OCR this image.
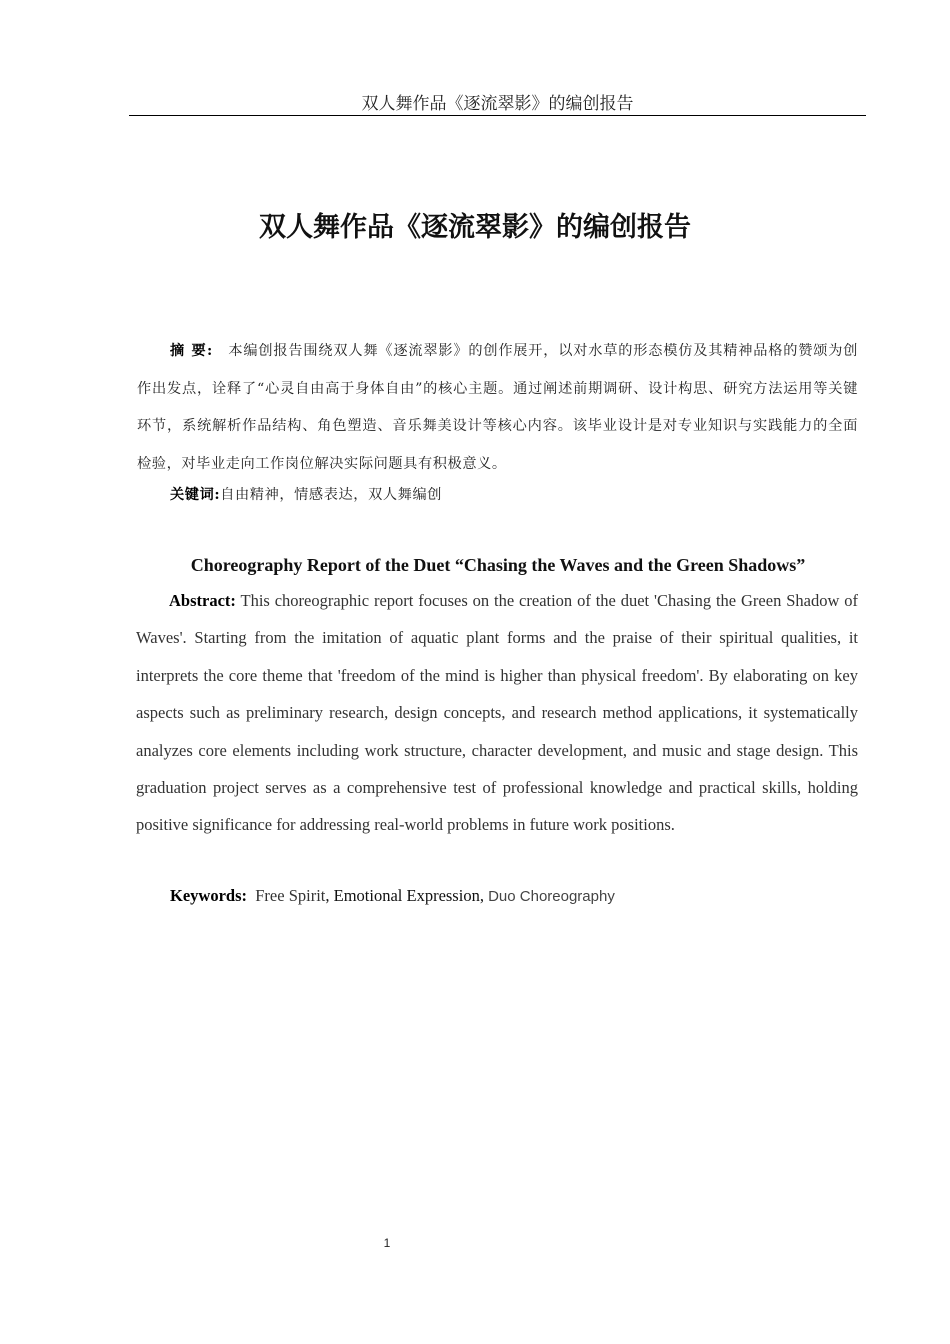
双人舞作品《逐流翠影》的编创报告
双人舞作品《逐流翠影》的编创报告

摘 要: 本编创报告围绕双人舞《逐流翠影》的创作展开，以对水草的形态模仿及其精神品格的赞颂为创作出发点，诠释了“心灵自由高于身体自由”的核心主题。通过阐述前期调研、设计构思、研究方法运用等关键环节，系统解析作品结构、角色塑造、音乐舞美设计等核心内容。该毕业设计是对专业知识与实践能力的全面检验，对毕业走向工作岗位解决实际问题具有积极意义。

关键词:自由精神，情感表达，双人舞编创

Choreography Report of the Duet “Chasing the Waves and the Green Shadows”

Abstract: This choreographic report focuses on the creation of the duet 'Chasing the Green Shadow of Waves'. Starting from the imitation of aquatic plant forms and the praise of their spiritual qualities, it interprets the core theme that 'freedom of the mind is higher than physical freedom'. By elaborating on key aspects such as preliminary research, design concepts, and research method applications, it systematically analyzes core elements including work structure, character development, and music and stage design. This graduation project serves as a comprehensive test of professional knowledge and practical skills, holding positive significance for addressing real-world problems in future work positions.

Keywords: Free Spirit, Emotional Expression, Duo Choreography

1
